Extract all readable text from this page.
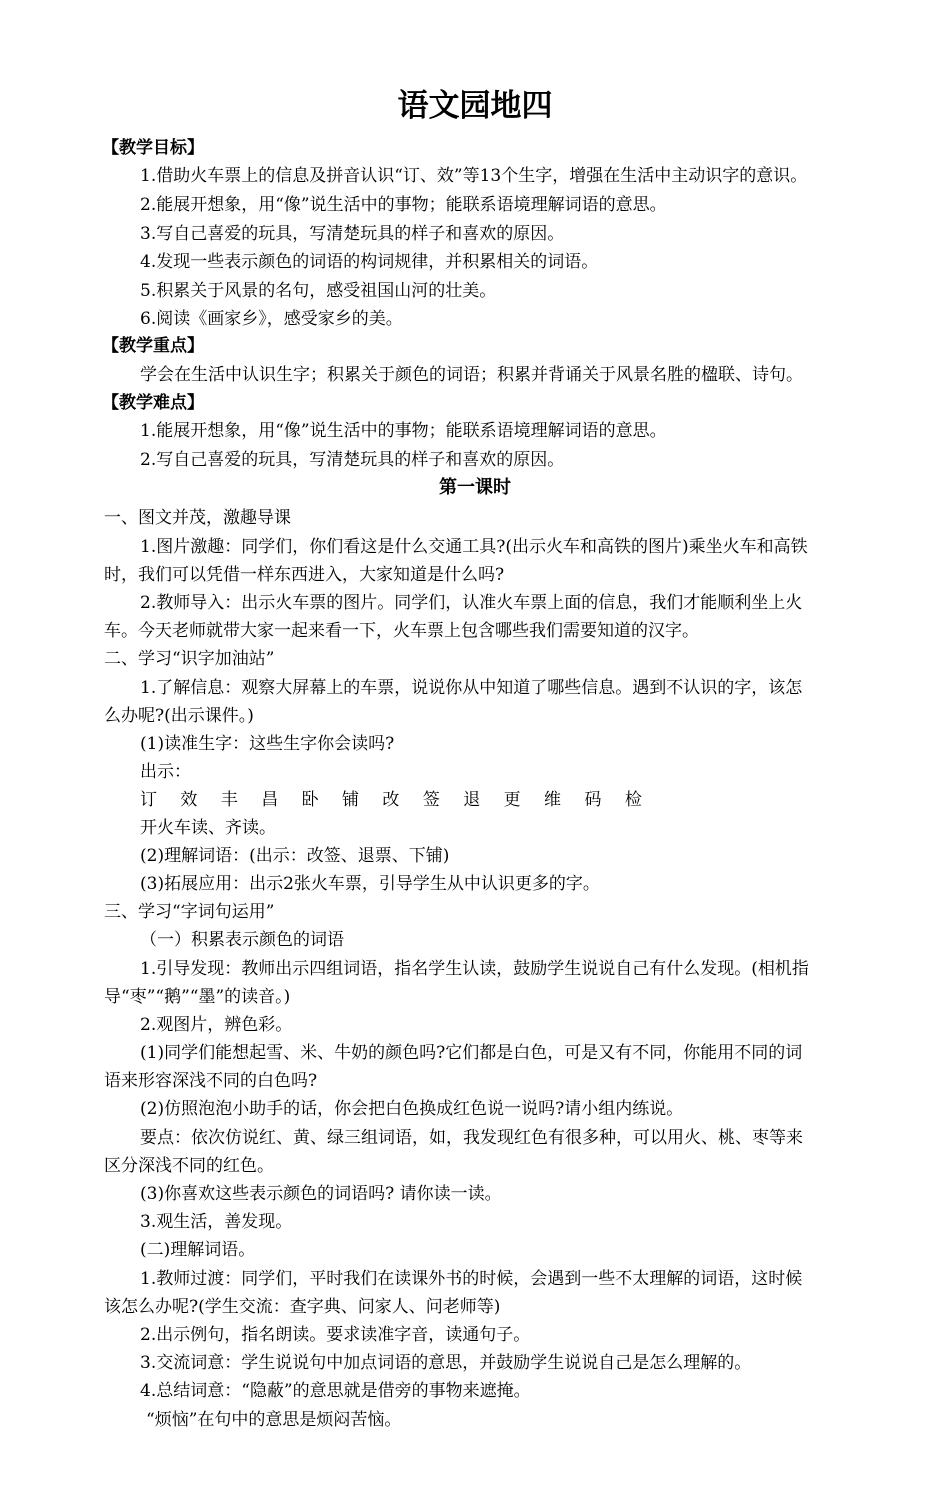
语文园地四
【教学目标】
1.借助火车票上的信息及拼音认识“订、效”等13个生字，增强在生活中主动识字的意识。
2.能展开想象，用“像”说生活中的事物；能联系语境理解词语的意思。
3.写自己喜爱的玩具，写清楚玩具的样子和喜欢的原因。
4.发现一些表示颜色的词语的构词规律，并积累相关的词语。
5.积累关于风景的名句，感受祖国山河的壮美。
6.阅读《画家乡》，感受家乡的美。
【教学重点】
学会在生活中认识生字；积累关于颜色的词语；积累并背诵关于风景名胜的楹联、诗句。
【教学难点】
1.能展开想象，用“像”说生活中的事物；能联系语境理解词语的意思。
2.写自己喜爱的玩具，写清楚玩具的样子和喜欢的原因。
第一课时
一、图文并茂，激趣导课
1.图片激趣：同学们，你们看这是什么交通工具?(出示火车和高铁的图片)乘坐火车和高铁
时，我们可以凭借一样东西进入，大家知道是什么吗?
2.教师导入：出示火车票的图片。同学们，认准火车票上面的信息，我们才能顺利坐上火
车。今天老师就带大家一起来看一下，火车票上包含哪些我们需要知道的汉字。
二、学习“识字加油站”
1.了解信息：观察大屏幕上的车票，说说你从中知道了哪些信息。遇到不认识的字，该怎
么办呢?(出示课件。)
(1)读准生字：这些生字你会读吗?
出示：
订 效 丰 昌 卧 铺 改 签 退 更 维 码 检
开火车读、齐读。
(2)理解词语：(出示：改签、退票、下铺)
(3)拓展应用：出示2张火车票，引导学生从中认识更多的字。
三、学习“字词句运用”
（一）积累表示颜色的词语
1.引导发现：教师出示四组词语，指名学生认读，鼓励学生说说自己有什么发现。(相机指
导“枣”“鹅”“墨”的读音。)
2.观图片，辨色彩。
(1)同学们能想起雪、米、牛奶的颜色吗?它们都是白色，可是又有不同，你能用不同的词
语来形容深浅不同的白色吗?
(2)仿照泡泡小助手的话，你会把白色换成红色说一说吗?请小组内练说。
要点：依次仿说红、黄、绿三组词语，如，我发现红色有很多种，可以用火、桃、枣等来
区分深浅不同的红色。
(3)你喜欢这些表示颜色的词语吗? 请你读一读。
3.观生活，善发现。
(二)理解词语。
1.教师过渡：同学们，平时我们在读课外书的时候，会遇到一些不太理解的词语，这时候
该怎么办呢?(学生交流：查字典、问家人、问老师等)
2.出示例句，指名朗读。要求读准字音，读通句子。
3.交流词意：学生说说句中加点词语的意思，并鼓励学生说说自己是怎么理解的。
4.总结词意：“隐蔽”的意思就是借旁的事物来遮掩。
“烦恼”在句中的意思是烦闷苦恼。
